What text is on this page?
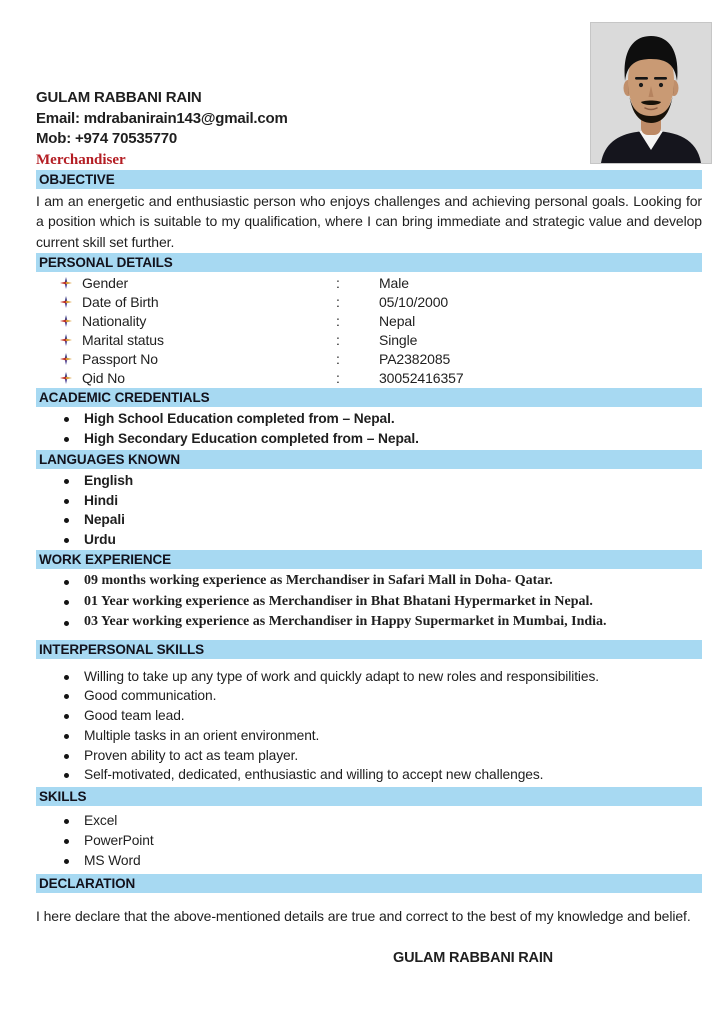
GULAM RABBANI RAIN
Email: mdrabanirain143@gmail.com
Mob: +974 70535770
Merchandiser
OBJECTIVE

I am an energetic and enthusiastic person who enjoys challenges and achieving personal goals. Looking for a position which is suitable to my qualification, where I can bring immediate and strategic value and develop current skill set further.

PERSONAL DETAILS
Gender	:	Male
Date of Birth	:	05/10/2000
Nationality	:	Nepal
Marital status	:	Single
Passport No	:	PA2382085
Qid No	:	30052416357
ACADEMIC CREDENTIALS
High School Education completed from – Nepal.
High Secondary Education completed from – Nepal.
LANGUAGES KNOWN
English
Hindi
Nepali
Urdu
WORK EXPERIENCE
09 months working experience as Merchandiser in Safari Mall in Doha- Qatar.
01 Year working experience as Merchandiser in Bhat Bhatani Hypermarket in Nepal.
03 Year working experience as Merchandiser in Happy Supermarket in Mumbai, India.
INTERPERSONAL SKILLS
Willing to take up any type of work and quickly adapt to new roles and responsibilities.
Good communication.
Good team lead.
Multiple tasks in an orient environment.
Proven ability to act as team player.
Self-motivated, dedicated, enthusiastic and willing to accept new challenges.
SKILLS
Excel
PowerPoint
MS Word
DECLARATION

I here declare that the above-mentioned details are true and correct to the best of my knowledge and belief.

GULAM RABBANI RAIN
